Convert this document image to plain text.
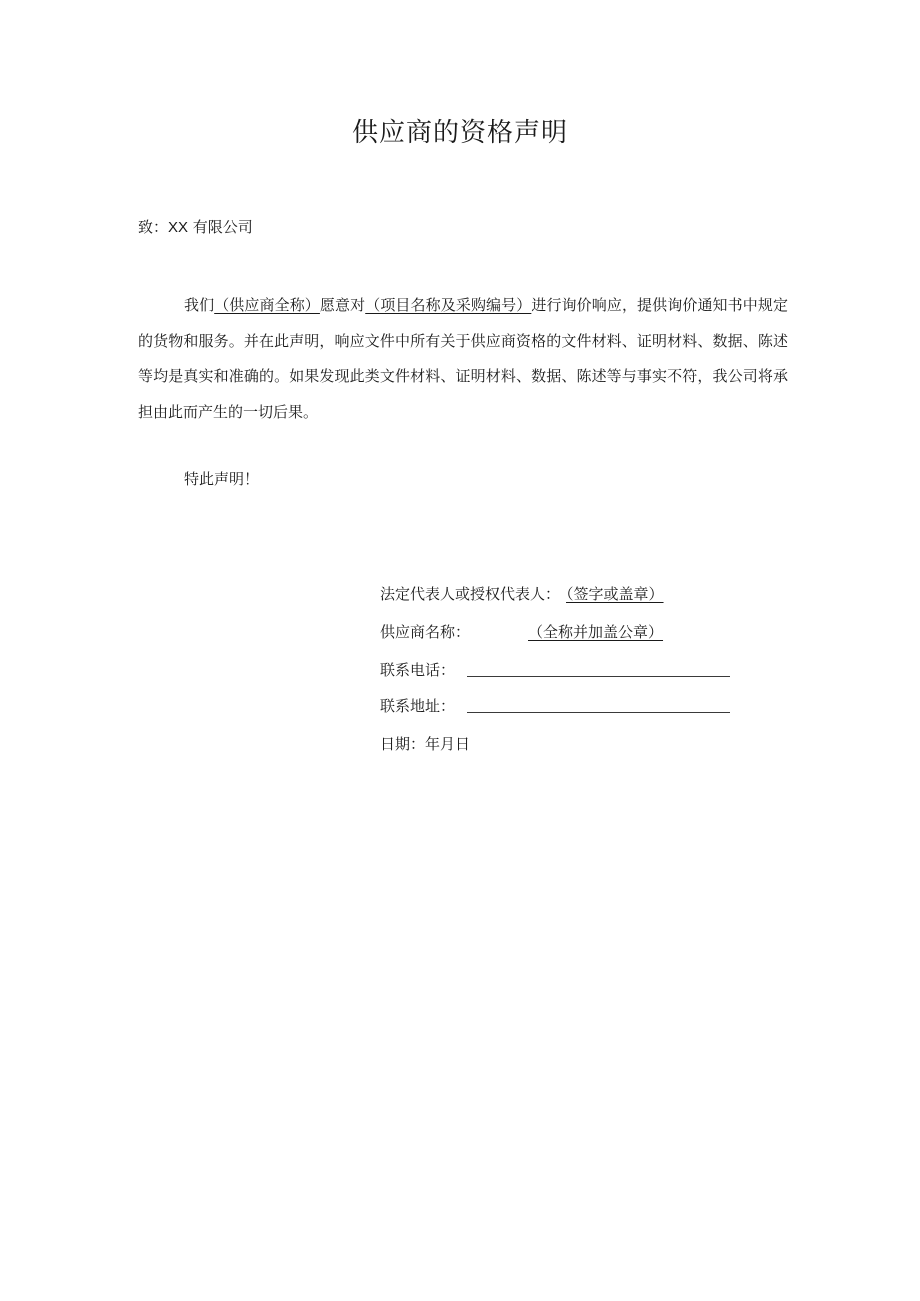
供应商的资格声明
致：XX 有限公司
我们（供应商全称）愿意对（项目名称及采购编号）进行询价响应，提供询价通知书中规定的货物和服务。并在此声明，响应文件中所有关于供应商资格的文件材料、证明材料、数据、陈述等均是真实和准确的。如果发现此类文件材料、证明材料、数据、陈述等与事实不符，我公司将承担由此而产生的一切后果。
特此声明！
法定代表人或授权代表人： （签字或盖章）
供应商名称：	（全称并加盖公章）
联系电话：
联系地址：
日期：年月日
